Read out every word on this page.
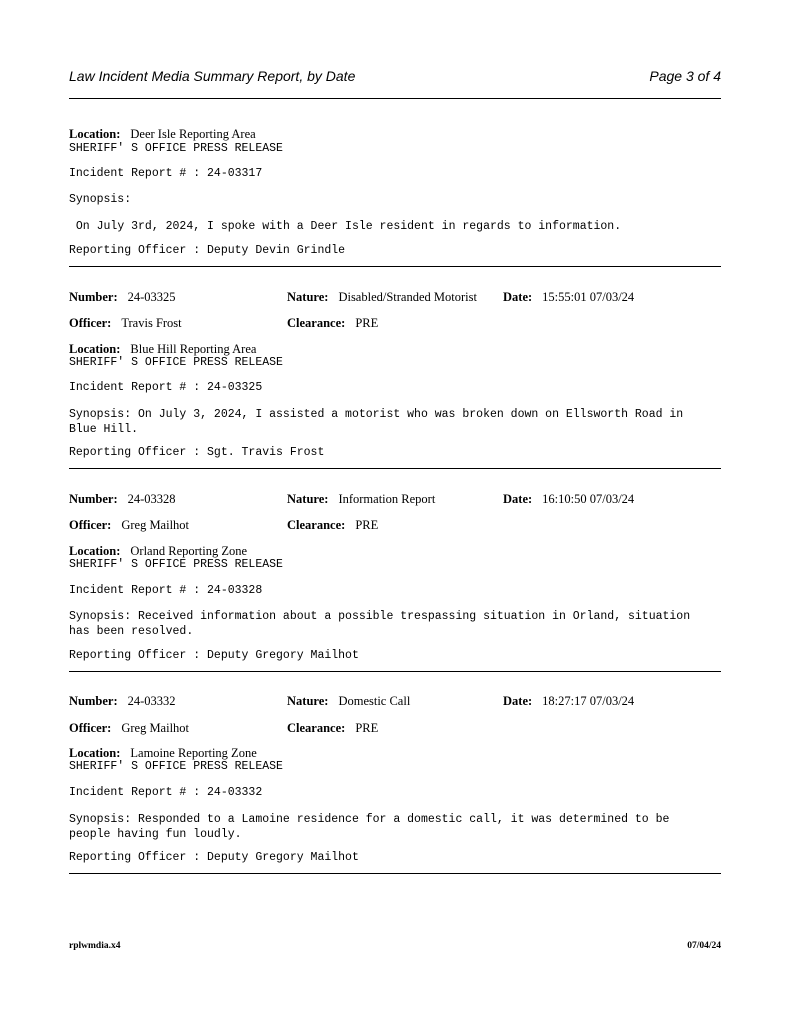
Law Incident Media Summary Report, by Date	Page 3 of 4
Location: Deer Isle Reporting Area
SHERIFF' S OFFICE PRESS RELEASE
Incident Report # : 24-03317
Synopsis:
On July 3rd, 2024, I spoke with a Deer Isle resident in regards to information.
Reporting Officer : Deputy Devin Grindle
Number: 24-03325	Nature: Disabled/Stranded Motorist Date: 15:55:01 07/03/24
Officer: Travis Frost	Clearance: PRE
Location: Blue Hill Reporting Area
SHERIFF' S OFFICE PRESS RELEASE
Incident Report # : 24-03325
Synopsis: On July 3, 2024, I assisted a motorist who was broken down on Ellsworth Road in
Blue Hill.
Reporting Officer : Sgt. Travis Frost
Number: 24-03328	Nature: Information Report	Date: 16:10:50 07/03/24
Officer: Greg Mailhot	Clearance: PRE
Location: Orland Reporting Zone
SHERIFF' S OFFICE PRESS RELEASE
Incident Report # : 24-03328
Synopsis: Received information about a possible trespassing situation in Orland, situation
has been resolved.
Reporting Officer : Deputy Gregory Mailhot
Number: 24-03332	Nature: Domestic Call	Date: 18:27:17 07/03/24
Officer: Greg Mailhot	Clearance: PRE
Location: Lamoine Reporting Zone
SHERIFF' S OFFICE PRESS RELEASE
Incident Report # : 24-03332
Synopsis: Responded to a Lamoine residence for a domestic call, it was determined to be
people having fun loudly.
Reporting Officer : Deputy Gregory Mailhot
rplwmdia.x4	07/04/24
